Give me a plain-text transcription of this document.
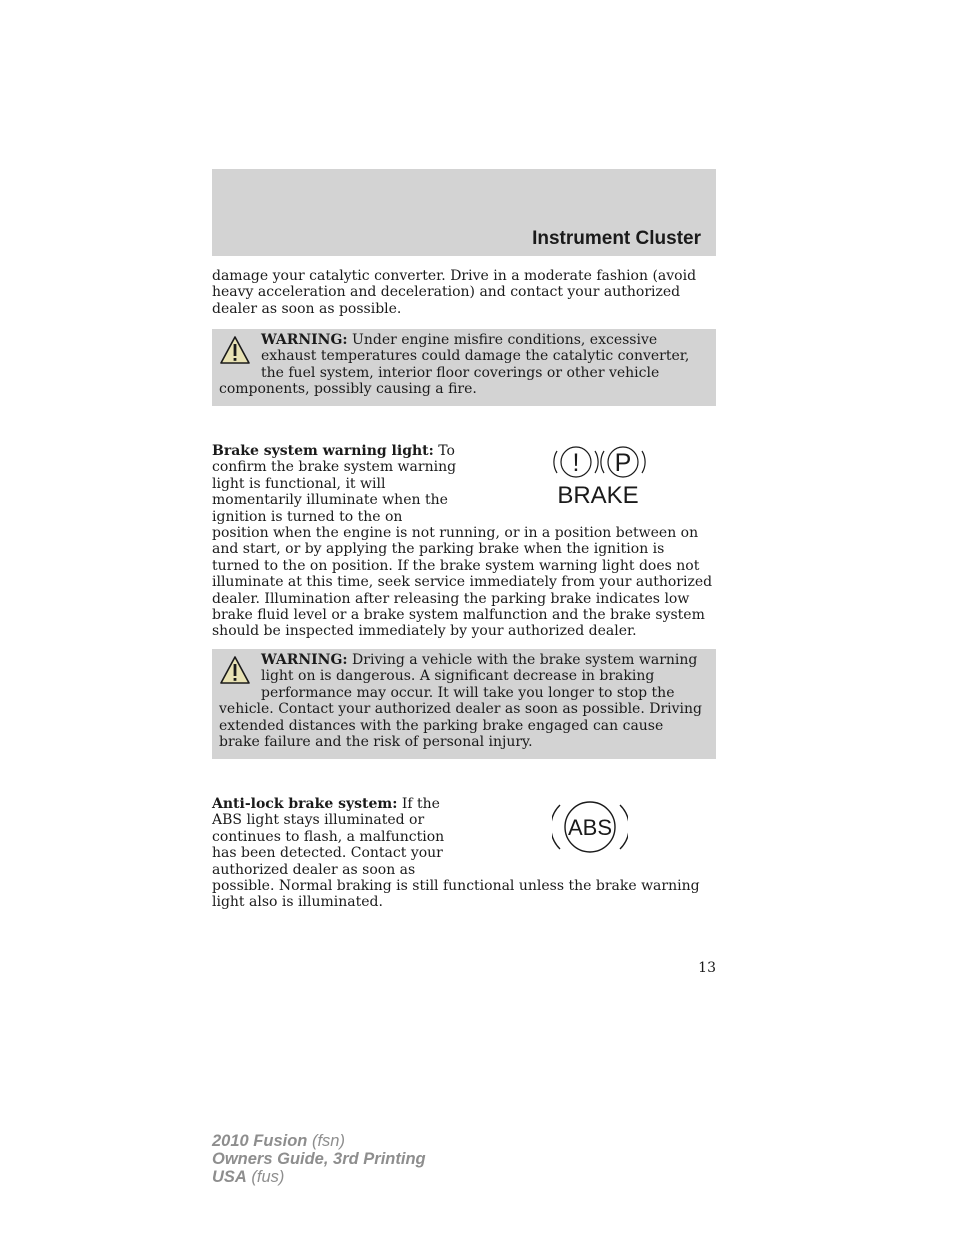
Instrument Cluster

damage your catalytic converter. Drive in a moderate fashion (avoid heavy acceleration and deceleration) and contact your authorized dealer as soon as possible.

WARNING: Under engine misfire conditions, excessive exhaust temperatures could damage the catalytic converter, the fuel system, interior floor coverings or other vehicle components, possibly causing a fire.
! P
BRAKE

Brake system warning light: To confirm the brake system warning light is functional, it will momentarily illuminate when the ignition is turned to the on position when the engine is not running, or in a position between on and start, or by applying the parking brake when the ignition is turned to the on position. If the brake system warning light does not illuminate at this time, seek service immediately from your authorized dealer. Illumination after releasing the parking brake indicates low brake fluid level or a brake system malfunction and the brake system should be inspected immediately by your authorized dealer.

WARNING: Driving a vehicle with the brake system warning light on is dangerous. A significant decrease in braking performance may occur. It will take you longer to stop the vehicle. Contact your authorized dealer as soon as possible. Driving extended distances with the parking brake engaged can cause brake failure and the risk of personal injury.
ABS

Anti-lock brake system: If the ABS light stays illuminated or continues to flash, a malfunction has been detected. Contact your authorized dealer as soon as possible. Normal braking is still functional unless the brake warning light also is illuminated.

13
2010 Fusion (fsn)
Owners Guide, 3rd Printing
USA (fus)
